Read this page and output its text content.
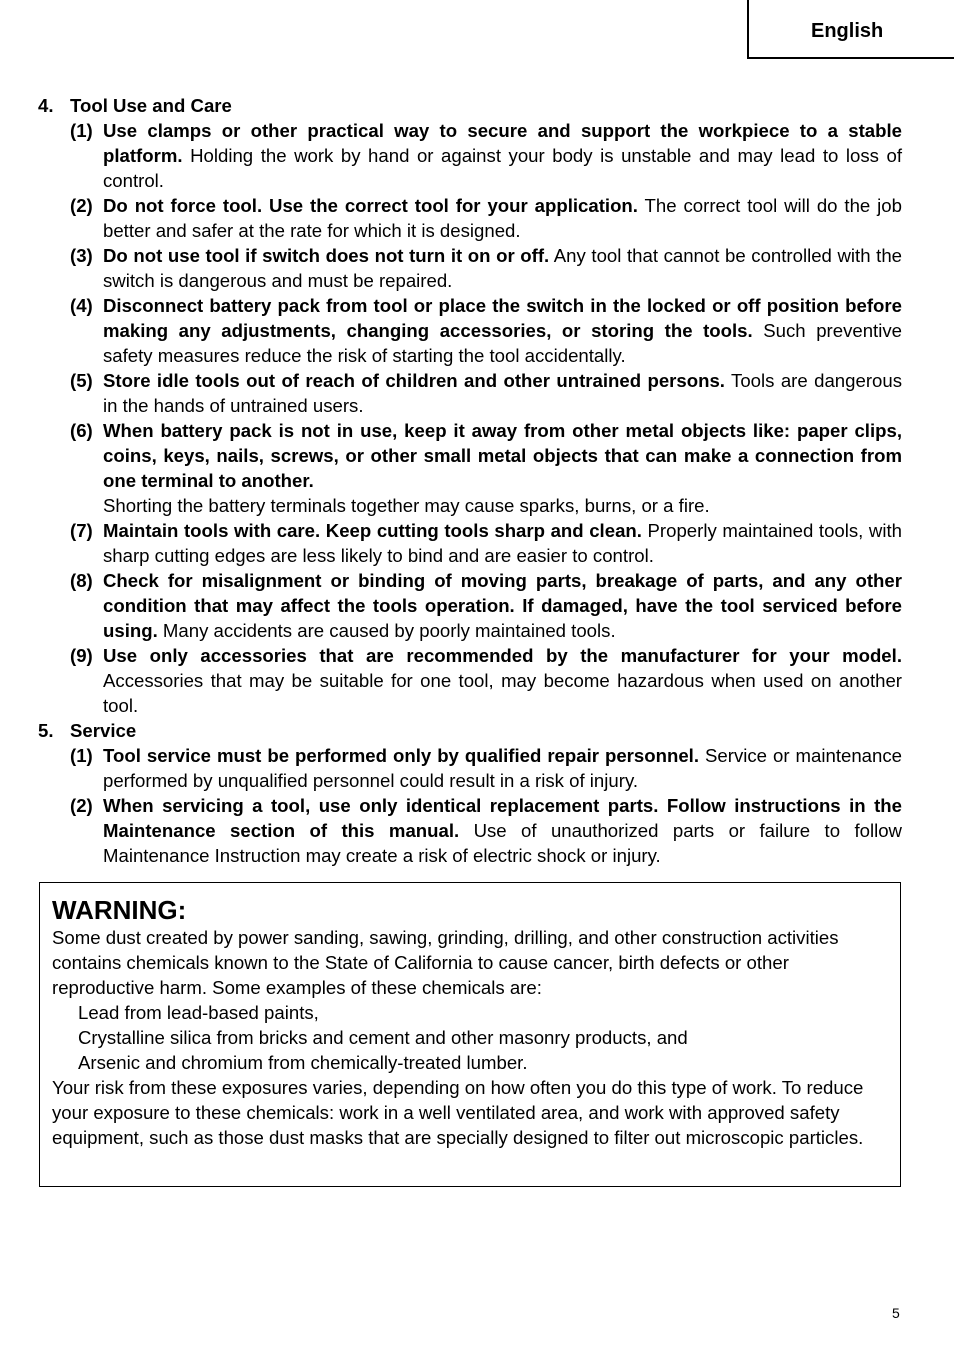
English
4. Tool Use and Care
(1) Use clamps or other practical way to secure and support the workpiece to a stable platform. Holding the work by hand or against your body is unstable and may lead to loss of control.
(2) Do not force tool. Use the correct tool for your application. The correct tool will do the job better and safer at the rate for which it is designed.
(3) Do not use tool if switch does not turn it on or off. Any tool that cannot be controlled with the switch is dangerous and must be repaired.
(4) Disconnect battery pack from tool or place the switch in the locked or off position before making any adjustments, changing accessories, or storing the tools. Such preventive safety measures reduce the risk of starting the tool accidentally.
(5) Store idle tools out of reach of children and other untrained persons. Tools are dangerous in the hands of untrained users.
(6) When battery pack is not in use, keep it away from other metal objects like: paper clips, coins, keys, nails, screws, or other small metal objects that can make a connection from one terminal to another.
Shorting the battery terminals together may cause sparks, burns, or a fire.
(7) Maintain tools with care. Keep cutting tools sharp and clean. Properly maintained tools, with sharp cutting edges are less likely to bind and are easier to control.
(8) Check for misalignment or binding of moving parts, breakage of parts, and any other condition that may affect the tools operation. If damaged, have the tool serviced before using. Many accidents are caused by poorly maintained tools.
(9) Use only accessories that are recommended by the manufacturer for your model. Accessories that may be suitable for one tool, may become hazardous when used on another tool.
5. Service
(1) Tool service must be performed only by qualified repair personnel. Service or maintenance performed by unqualified personnel could result in a risk of injury.
(2) When servicing a tool, use only identical replacement parts. Follow instructions in the Maintenance section of this manual. Use of unauthorized parts or failure to follow Maintenance Instruction may create a risk of electric shock or injury.
WARNING:
Some dust created by power sanding, sawing, grinding, drilling, and other construction activities contains chemicals known to the State of California to cause cancer, birth defects or other reproductive harm. Some examples of these chemicals are:
Lead from lead-based paints,
Crystalline silica from bricks and cement and other masonry products, and
Arsenic and chromium from chemically-treated lumber.
Your risk from these exposures varies, depending on how often you do this type of work. To reduce your exposure to these chemicals: work in a well ventilated area, and work with approved safety equipment, such as those dust masks that are specially designed to filter out microscopic particles.
5
